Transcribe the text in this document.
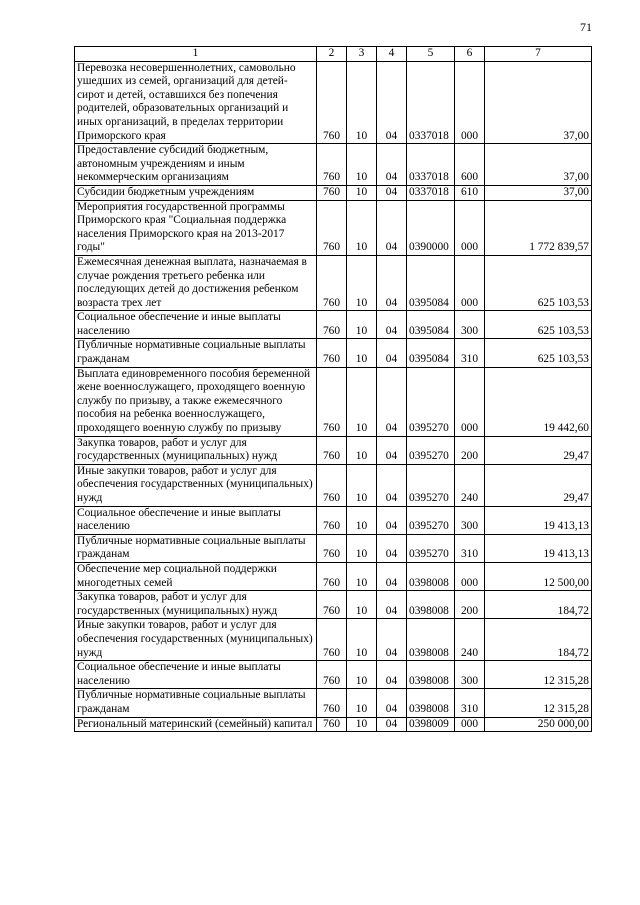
71
1	2	3	4	5	6	7
Перевозка несовершеннолетних, самовольно ушедших из семей, организаций для детей-сирот и детей, оставшихся без попечения родителей, образовательных организаций и иных организаций, в пределах территории Приморского края	760	10	04	0337018	000	37,00
Предоставление субсидий бюджетным, автономным учреждениям и иным некоммерческим организациям	760	10	04	0337018	600	37,00
Субсидии бюджетным учреждениям	760	10	04	0337018	610	37,00
Мероприятия государственной программы Приморского края "Социальная поддержка населения Приморского края на 2013-2017 годы"	760	10	04	0390000	000	1 772 839,57
Ежемесячная денежная выплата, назначаемая в случае рождения третьего ребенка или последующих детей до достижения ребенком возраста трех лет	760	10	04	0395084	000	625 103,53
Социальное обеспечение и иные выплаты населению	760	10	04	0395084	300	625 103,53
Публичные нормативные социальные выплаты гражданам	760	10	04	0395084	310	625 103,53
Выплата единовременного пособия беременной жене военнослужащего, проходящего военную службу по призыву, а также ежемесячного пособия на ребенка военнослужащего, проходящего военную службу по призыву	760	10	04	0395270	000	19 442,60
Закупка товаров, работ и услуг для государственных (муниципальных) нужд	760	10	04	0395270	200	29,47
Иные закупки товаров, работ и услуг для обеспечения государственных (муниципальных) нужд	760	10	04	0395270	240	29,47
Социальное обеспечение и иные выплаты населению	760	10	04	0395270	300	19 413,13
Публичные нормативные социальные выплаты гражданам	760	10	04	0395270	310	19 413,13
Обеспечение мер социальной поддержки многодетных семей	760	10	04	0398008	000	12 500,00
Закупка товаров, работ и услуг для государственных (муниципальных) нужд	760	10	04	0398008	200	184,72
Иные закупки товаров, работ и услуг для обеспечения государственных (муниципальных) нужд	760	10	04	0398008	240	184,72
Социальное обеспечение и иные выплаты населению	760	10	04	0398008	300	12 315,28
Публичные нормативные социальные выплаты гражданам	760	10	04	0398008	310	12 315,28
Региональный материнский (семейный) капитал	760	10	04	0398009	000	250 000,00
